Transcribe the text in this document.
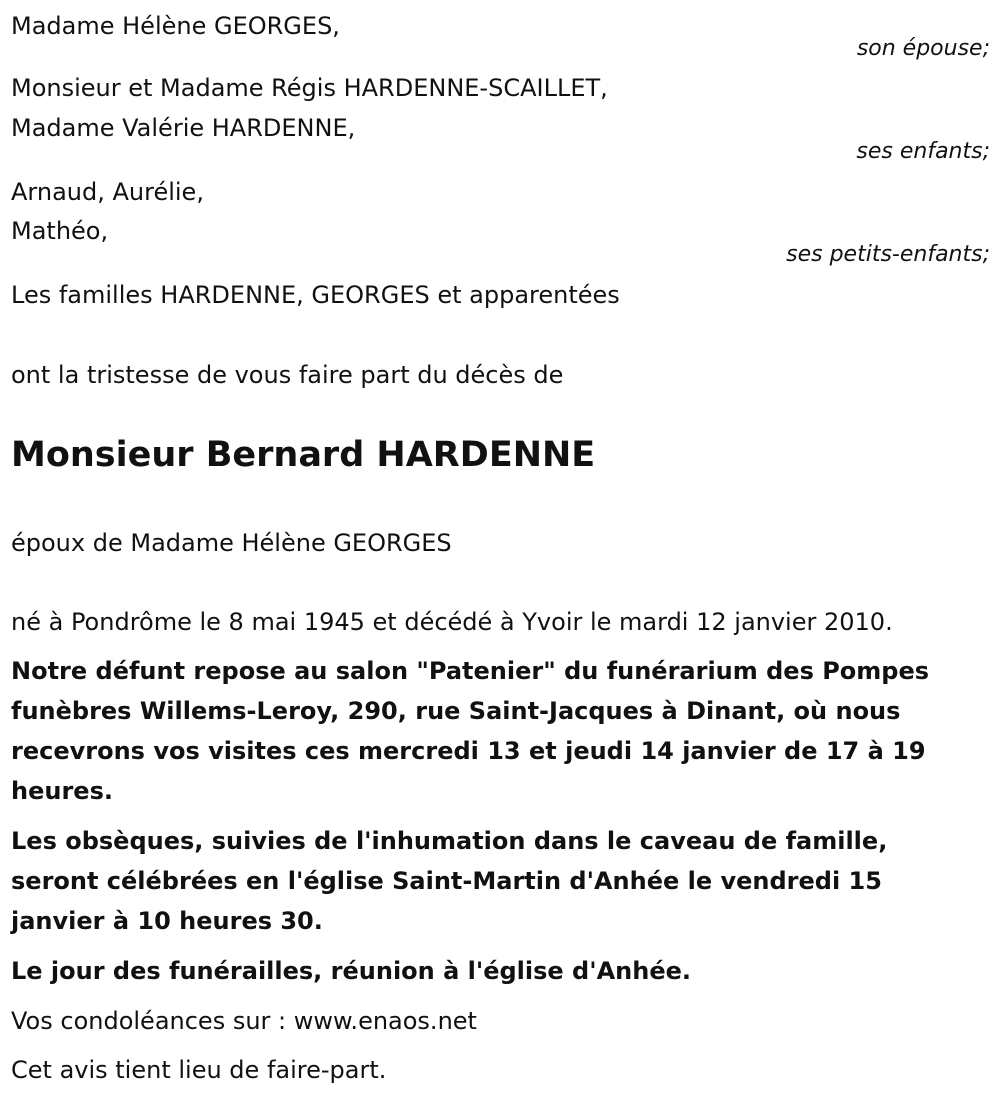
Madame Hélène GEORGES,
son épouse;
Monsieur et Madame Régis HARDENNE-SCAILLET,
Madame Valérie HARDENNE,
ses enfants;
Arnaud, Aurélie,
Mathéo,
ses petits-enfants;
Les familles HARDENNE, GEORGES et apparentées
ont la tristesse de vous faire part du décès de
Monsieur Bernard HARDENNE
époux de Madame Hélène GEORGES
né à Pondrôme le 8 mai 1945 et décédé à Yvoir le mardi 12 janvier 2010.
Notre défunt repose au salon "Patenier" du funérarium des Pompes funèbres Willems-Leroy, 290, rue Saint-Jacques à Dinant, où nous recevrons vos visites ces mercredi 13 et jeudi 14 janvier de 17 à 19 heures.
Les obsèques, suivies de l'inhumation dans le caveau de famille, seront célébrées en l'église Saint-Martin d'Anhée le vendredi 15 janvier à 10 heures 30.
Le jour des funérailles, réunion à l'église d'Anhée.
Vos condoléances sur : www.enaos.net
Cet avis tient lieu de faire-part.
